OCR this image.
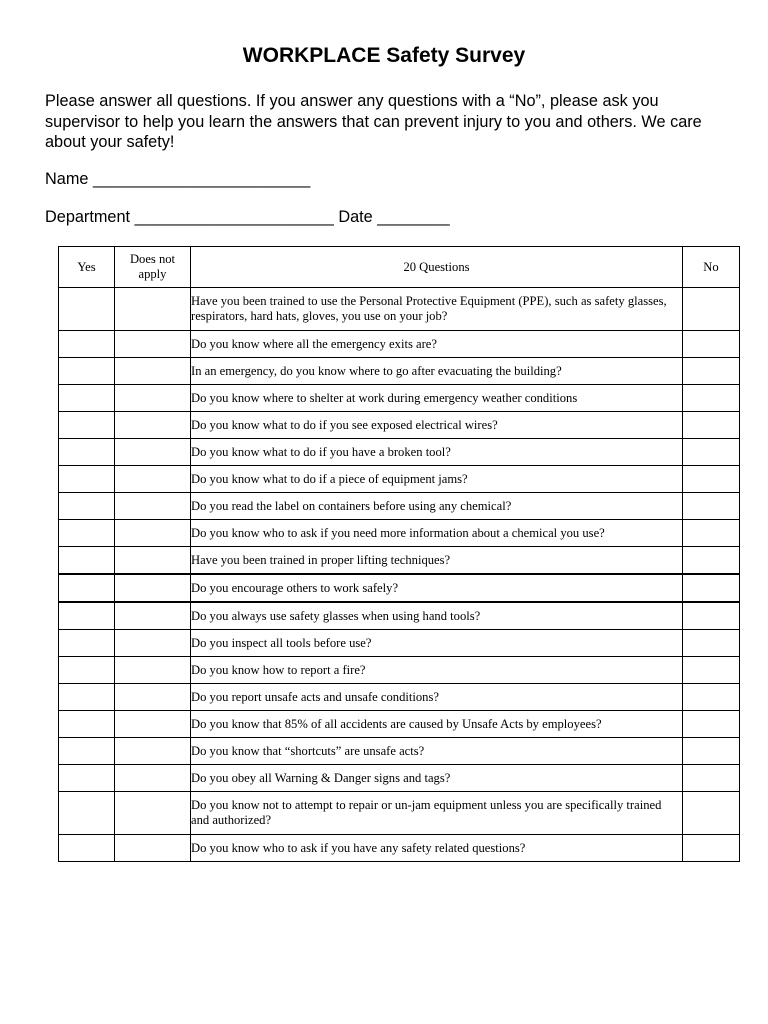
WORKPLACE Safety Survey
Please answer all questions. If you answer any questions with a “No”, please ask you supervisor to help you learn the answers that can prevent injury to you and others. We care about your safety!
Name ________________________
Department ______________________ Date ________
Yes	Does not apply	20 Questions	No
		Have you been trained to use the Personal Protective Equipment (PPE), such as safety glasses, respirators, hard hats, gloves, you use on your job?	
		Do you know where all the emergency exits are?	
		In an emergency, do you know where to go after evacuating the building?	
		Do you know where to shelter at work during emergency weather conditions	
		Do you know what to do if you see exposed electrical wires?	
		Do you know what to do if you have a broken tool?	
		Do you know what to do if a piece of equipment jams?	
		Do you read the label on containers before using any chemical?	
		Do you know who to ask if you need more information about a chemical you use?	
		Have you been trained in proper lifting techniques?	
		Do you encourage others to work safely?	
		Do you always use safety glasses when using hand tools?	
		Do you inspect all tools before use?	
		Do you know how to report a fire?	
		Do you report unsafe acts and unsafe conditions?	
		Do you know that 85% of all accidents are caused by Unsafe Acts by employees?	
		Do you know that “shortcuts” are unsafe acts?	
		Do you obey all Warning & Danger signs and tags?	
		Do you know not to attempt to repair or un-jam equipment unless you are specifically trained and authorized?	
		Do you know who to ask if you have any safety related questions?	
